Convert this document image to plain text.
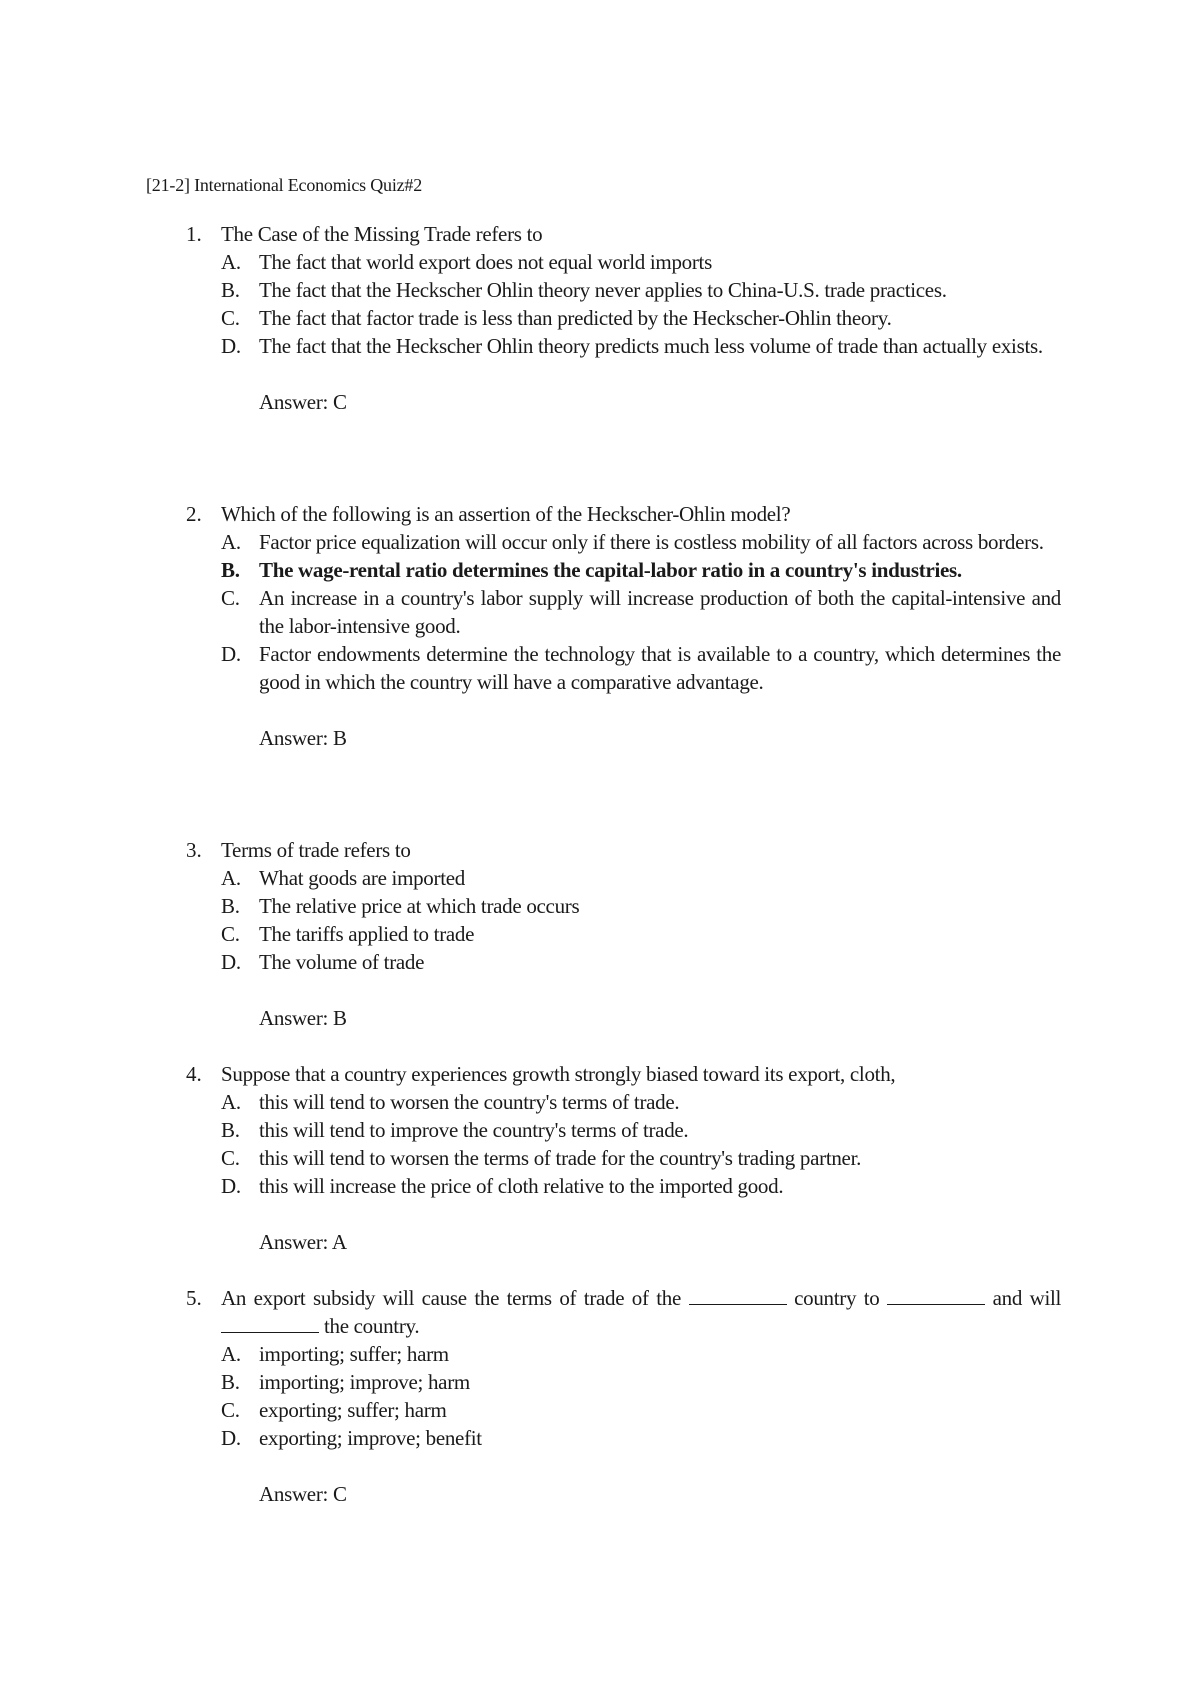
[21-2] International Economics Quiz#2
1. The Case of the Missing Trade refers to
A. The fact that world export does not equal world imports
B. The fact that the Heckscher Ohlin theory never applies to China-U.S. trade practices.
C. The fact that factor trade is less than predicted by the Heckscher-Ohlin theory.
D. The fact that the Heckscher Ohlin theory predicts much less volume of trade than actually exists.
Answer: C
2. Which of the following is an assertion of the Heckscher-Ohlin model?
A. Factor price equalization will occur only if there is costless mobility of all factors across borders.
B. The wage-rental ratio determines the capital-labor ratio in a country's industries.
C. An increase in a country's labor supply will increase production of both the capital-intensive and the labor-intensive good.
D. Factor endowments determine the technology that is available to a country, which determines the good in which the country will have a comparative advantage.
Answer: B
3. Terms of trade refers to
A. What goods are imported
B. The relative price at which trade occurs
C. The tariffs applied to trade
D. The volume of trade
Answer: B
4. Suppose that a country experiences growth strongly biased toward its export, cloth,
A. this will tend to worsen the country's terms of trade.
B. this will tend to improve the country's terms of trade.
C. this will tend to worsen the terms of trade for the country's trading partner.
D. this will increase the price of cloth relative to the imported good.
Answer: A
5. An export subsidy will cause the terms of trade of the	country to	and will  the country.
A. importing; suffer; harm
B. importing; improve; harm
C. exporting; suffer; harm
D. exporting; improve; benefit
Answer: C
